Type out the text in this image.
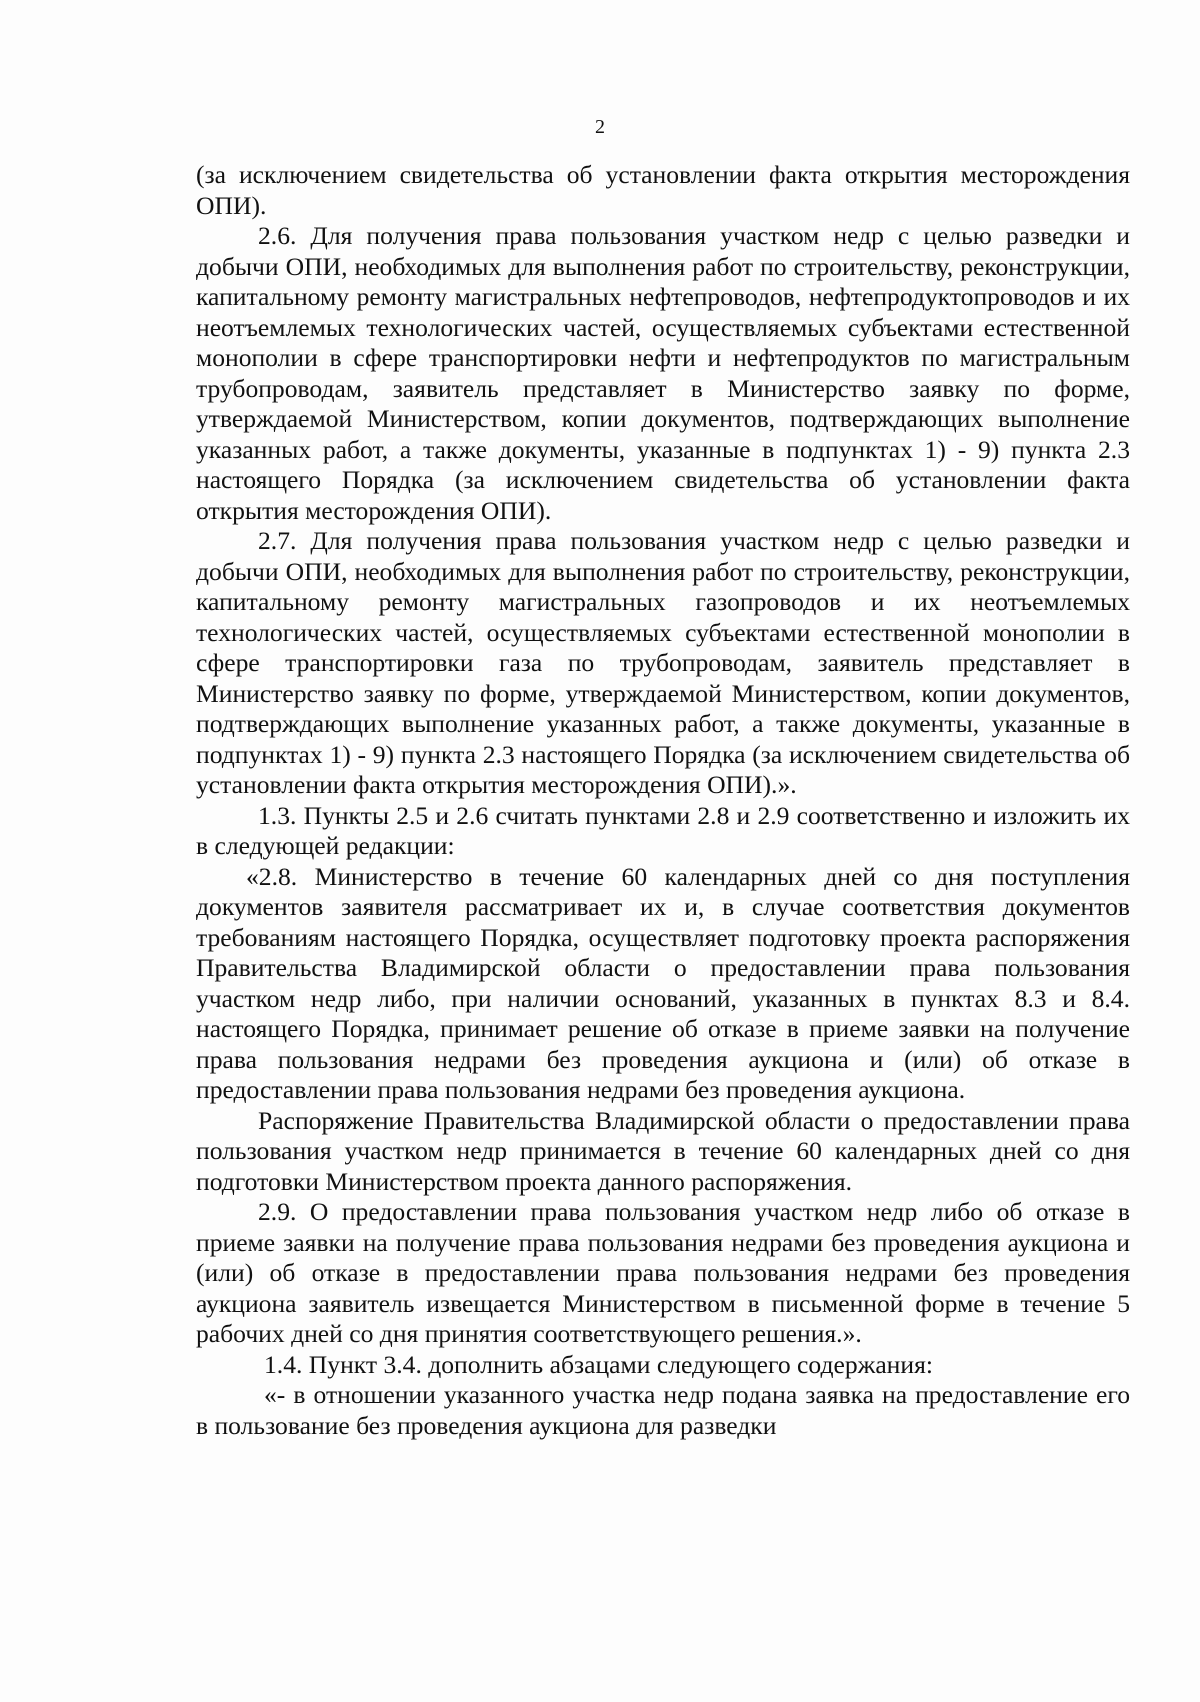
2

(за исключением свидетельства об установлении факта открытия месторождения ОПИ).

2.6. Для получения права пользования участком недр с целью разведки и добычи ОПИ, необходимых для выполнения работ по строительству, реконструкции, капитальному ремонту магистральных нефтепроводов, нефтепродуктопроводов и их неотъемлемых технологических частей, осуществляемых субъектами естественной монополии в сфере транспортировки нефти и нефтепродуктов по магистральным трубопроводам, заявитель представляет в Министерство заявку по форме, утверждаемой Министерством, копии документов, подтверждающих выполнение указанных работ, а также документы, указанные в подпунктах 1) - 9) пункта 2.3 настоящего Порядка (за исключением свидетельства об установлении факта открытия месторождения ОПИ).

2.7. Для получения права пользования участком недр с целью разведки и добычи ОПИ, необходимых для выполнения работ по строительству, реконструкции, капитальному ремонту магистральных газопроводов и их неотъемлемых технологических частей, осуществляемых субъектами естественной монополии в сфере транспортировки газа по трубопроводам, заявитель представляет в Министерство заявку по форме, утверждаемой Министерством, копии документов, подтверждающих выполнение указанных работ, а также документы, указанные в подпунктах 1) - 9) пункта 2.3 настоящего Порядка (за исключением свидетельства об установлении факта открытия месторождения ОПИ).».

1.3. Пункты 2.5 и 2.6 считать пунктами 2.8 и 2.9 соответственно и изложить их в следующей редакции:

«2.8. Министерство в течение 60 календарных дней со дня поступления документов заявителя рассматривает их и, в случае соответствия документов требованиям настоящего Порядка, осуществляет подготовку проекта распоряжения Правительства Владимирской области о предоставлении права пользования участком недр либо, при наличии оснований, указанных в пунктах 8.3 и 8.4. настоящего Порядка, принимает решение об отказе в приеме заявки на получение права пользования недрами без проведения аукциона и (или) об отказе в предоставлении права пользования недрами без проведения аукциона.

Распоряжение Правительства Владимирской области о предоставлении права пользования участком недр принимается в течение 60 календарных дней со дня подготовки Министерством проекта данного распоряжения.

2.9. О предоставлении права пользования участком недр либо об отказе в приеме заявки на получение права пользования недрами без проведения аукциона и (или) об отказе в предоставлении права пользования недрами без проведения аукциона заявитель извещается Министерством в письменной форме в течение 5 рабочих дней со дня принятия соответствующего решения.».

1.4. Пункт 3.4. дополнить абзацами следующего содержания:

«- в отношении указанного участка недр подана заявка на предоставление его в пользование без проведения аукциона для разведки
